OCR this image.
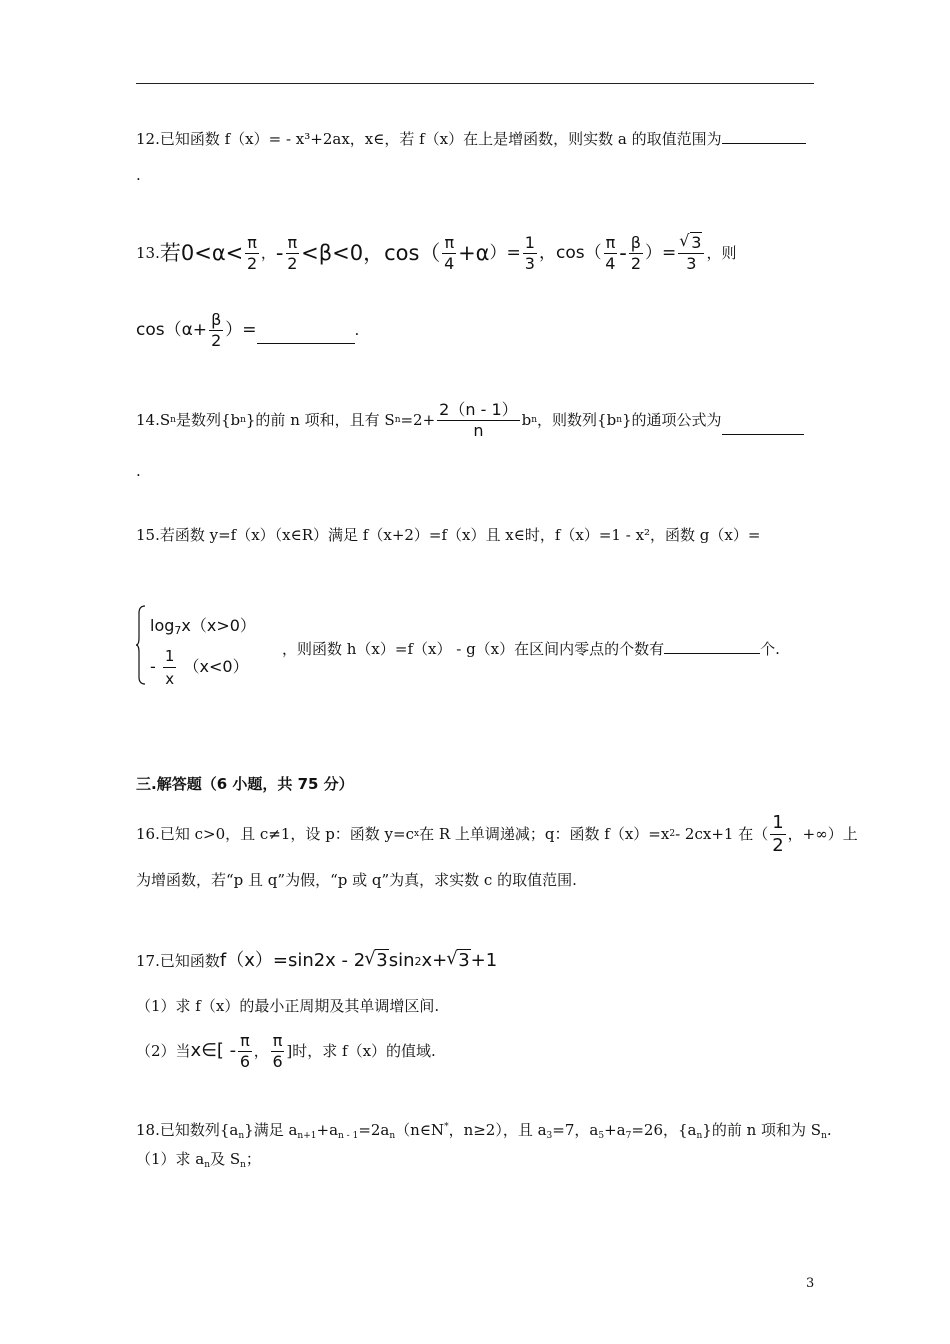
12.已知函数 f（x）= - x³+2ax，x∈，若 f（x）在上是增函数，则实数 a 的取值范围为
.
13. 若$0<\alpha< \frac{\pi}{2}$ ， - $\frac{\pi}{2} <\beta<0$，$\cos( \frac{\pi}{4} +\alpha$ ）= $\frac{1}{3}$ ，$\cos( \frac{\pi}{4} - \frac{\beta}{2}$ ）= √ $\frac{3}{3}$ ，则
$\cos(\alpha+ \frac{\beta}{2}$ ）=	.
14. S n 是数列{b n }的前 n 项和，且有 S $n =2+ \frac{2(n - 1)}{n}$ b n ，则数列{b n }的通项公式为
.
15.若函数 y=f（x）（x∈R）满足 f（x+2）=f（x）且 x∈时，f（x）=1 - x²，函数 g（x）=
$\log_7x(x>0)$
- $\frac{1}{x} (x<0)$
，则函数 h（x）=f（x） - g（x）在区间内零点的个数有	个.
三.解答题（6 小题，共 75 分）
16. 已知 c>0，且 c≠1，设 p：函数 y=c x 在 R 上单调递减；q：函数 f（x）=x 2 - 2cx+1 在（ $\frac{1}{2}$ ，+∞）上
为增函数，若“p 且 q”为假，“p 或 q”为真，求实数 c 的取值范围.
17. 已知函数 f（x）=sin2x - 2 √ 3 sin 2 x+ √ 3 +1
（1）求 f（x）的最小正周期及其单调增区间.
（2）当 x∈[ - $\frac{\pi}{6}$ ， $\frac{\pi}{6}$ ]时，求 f（x）的值域.
18.已知数列$\{a_n\}$满足 $a_{n+1}+a_{n - 1}=2a_n(n\in N^*$，n≥2），且 $a_3=7$，$a_5+a_7=26$，$\{a_n\}$的前 n 项和为 $S_n$.
（1）求 $a_n$及 $S_n$；
3
